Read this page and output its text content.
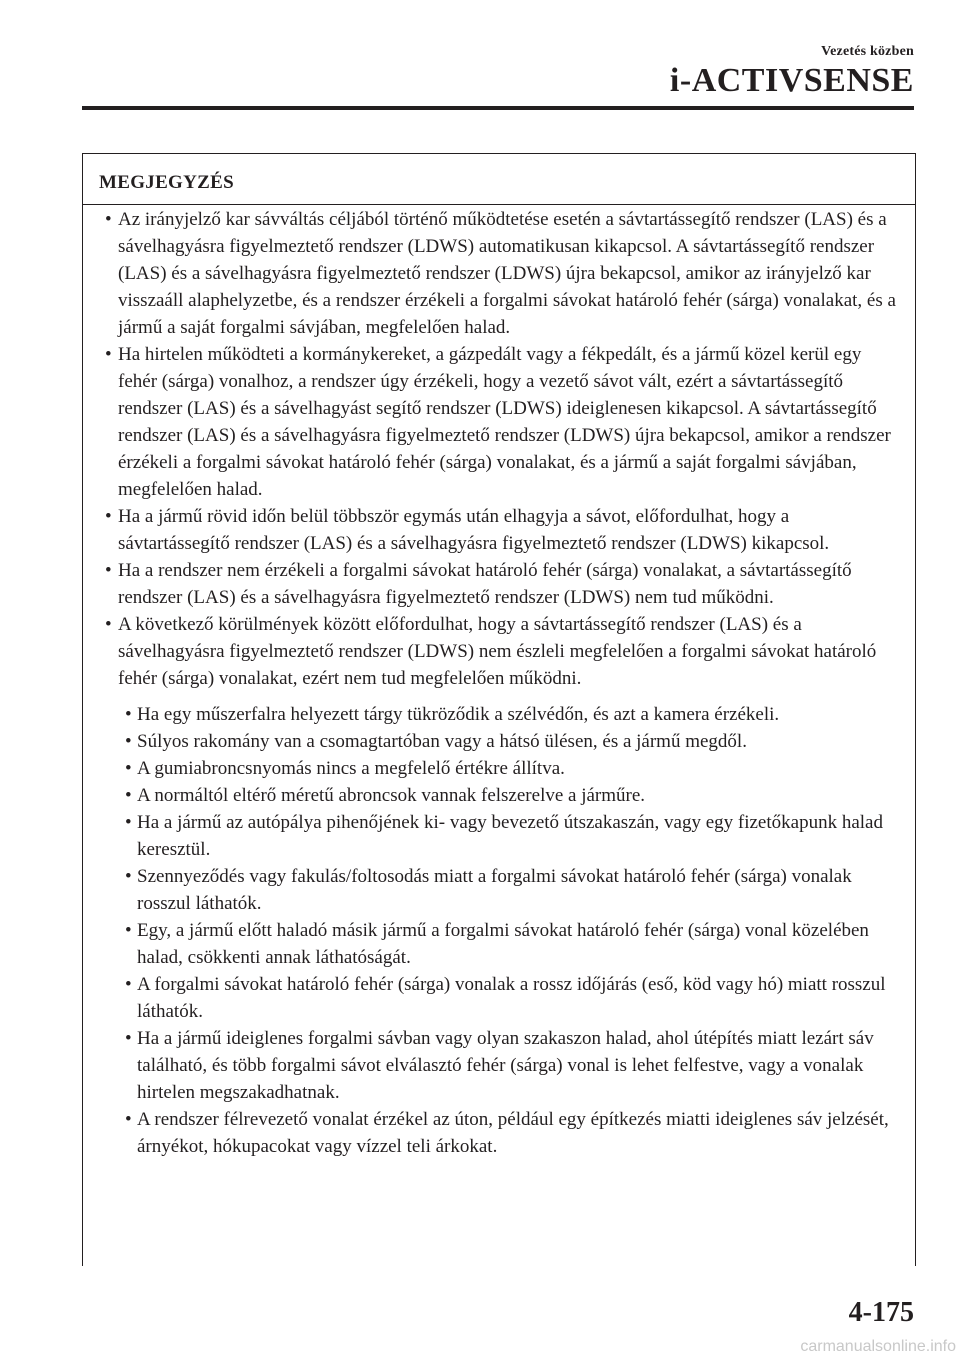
Vezetés közben
i-ACTIVSENSE
MEGJEGYZÉS
• Az irányjelző kar sávváltás céljából történő működtetése esetén a sávtartássegítő rendszer (LAS) és a sávelhagyásra figyelmeztető rendszer (LDWS) automatikusan kikapcsol. A sávtartássegítő rendszer (LAS) és a sávelhagyásra figyelmeztető rendszer (LDWS) újra bekapcsol, amikor az irányjelző kar visszaáll alaphelyzetbe, és a rendszer érzékeli a forgalmi sávokat határoló fehér (sárga) vonalakat, és a jármű a saját forgalmi sávjában, megfelelően halad.
• Ha hirtelen működteti a kormánykereket, a gázpedált vagy a fékpedált, és a jármű közel kerül egy fehér (sárga) vonalhoz, a rendszer úgy érzékeli, hogy a vezető sávot vált, ezért a sávtartássegítő rendszer (LAS) és a sávelhagyást segítő rendszer (LDWS) ideiglenesen kikapcsol. A sávtartássegítő rendszer (LAS) és a sávelhagyásra figyelmeztető rendszer (LDWS) újra bekapcsol, amikor a rendszer érzékeli a forgalmi sávokat határoló fehér (sárga) vonalakat, és a jármű a saját forgalmi sávjában, megfelelően halad.
• Ha a jármű rövid időn belül többször egymás után elhagyja a sávot, előfordulhat, hogy a sávtartássegítő rendszer (LAS) és a sávelhagyásra figyelmeztető rendszer (LDWS) kikapcsol.
• Ha a rendszer nem érzékeli a forgalmi sávokat határoló fehér (sárga) vonalakat, a sávtartássegítő rendszer (LAS) és a sávelhagyásra figyelmeztető rendszer (LDWS) nem tud működni.
• A következő körülmények között előfordulhat, hogy a sávtartássegítő rendszer (LAS) és a sávelhagyásra figyelmeztető rendszer (LDWS) nem észleli megfelelően a forgalmi sávokat határoló fehér (sárga) vonalakat, ezért nem tud megfelelően működni.
• Ha egy műszerfalra helyezett tárgy tükröződik a szélvédőn, és azt a kamera érzékeli.
• Súlyos rakomány van a csomagtartóban vagy a hátsó ülésen, és a jármű megdől.
• A gumiabroncsnyomás nincs a megfelelő értékre állítva.
• A normáltól eltérő méretű abroncsok vannak felszerelve a járműre.
• Ha a jármű az autópálya pihenőjének ki- vagy bevezető útszakaszán, vagy egy fizetőkapunk halad keresztül.
• Szennyeződés vagy fakulás/foltosodás miatt a forgalmi sávokat határoló fehér (sárga) vonalak rosszul láthatók.
• Egy, a jármű előtt haladó másik jármű a forgalmi sávokat határoló fehér (sárga) vonal közelében halad, csökkenti annak láthatóságát.
• A forgalmi sávokat határoló fehér (sárga) vonalak a rossz időjárás (eső, köd vagy hó) miatt rosszul láthatók.
• Ha a jármű ideiglenes forgalmi sávban vagy olyan szakaszon halad, ahol útépítés miatt lezárt sáv található, és több forgalmi sávot elválasztó fehér (sárga) vonal is lehet felfestve, vagy a vonalak hirtelen megszakadhatnak.
• A rendszer félrevezető vonalat érzékel az úton, például egy építkezés miatti ideiglenes sáv jelzését, árnyékot, hókupacokat vagy vízzel teli árkokat.
4-175
carmanualsonline.info
